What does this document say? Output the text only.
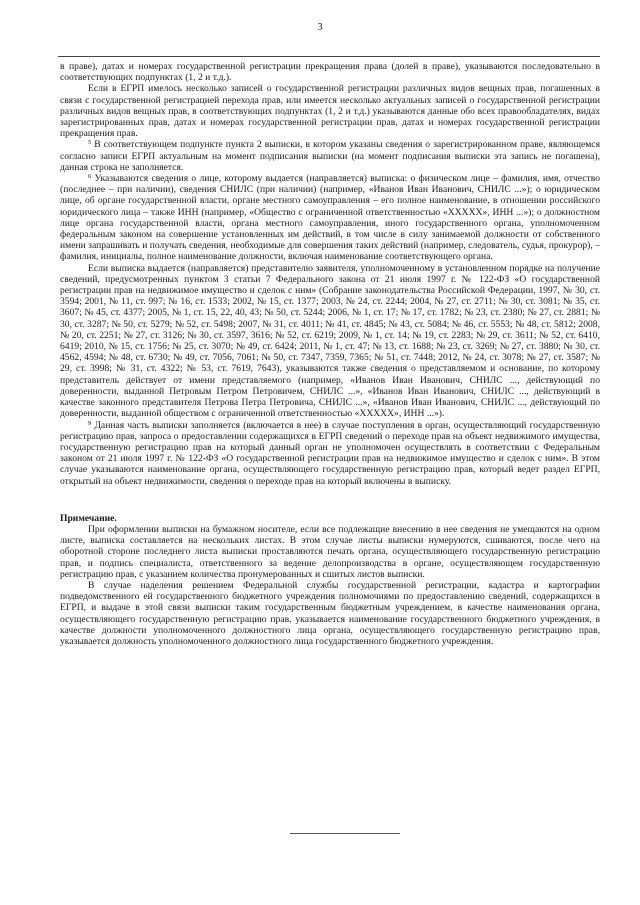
3

в праве), датах и номерах государственной регистрации прекращения права (долей в праве), указываются последовательно в соответствующих подпунктах (1, 2 и т.д.).

Если в ЕГРП имелось несколько записей о государственной регистрации различных видов вещных прав, погашенных в связи с государственной регистрацией перехода прав, или имеется несколько актуальных записей о государственной регистрации различных видов вещных прав, в соответствующих подпунктах (1, 2 и т.д.) указываются данные обо всех правообладателях, видах зарегистрированных прав, датах и номерах государственной регистрации прав, датах и номерах государственной регистрации прекращения прав.

$^5$ В соответствующем подпункте пункта 2 выписки, в котором указаны сведения о зарегистрированном праве, являющемся согласно записи ЕГРП актуальным на момент подписания выписки (на момент подписания выписки эта запись не погашена), данная строка не заполняется.

$^6$ Указываются сведения о лице, которому выдается (направляется) выписка: о физическом лице – фамилия, имя, отчество (последнее – при наличии), сведения СНИЛС (при наличии) (например, «Иванов Иван Иванович, СНИЛС ...»); о юридическом лице, об органе государственной власти, органе местного самоуправления – его полное наименование, в отношении российского юридического лица – также ИНН (например, «Общество с ограниченной ответственностью «ХХХХХ», ИНН ...»); о должностном лице органа государственной власти, органа местного самоуправления, иного государственного органа, уполномоченном федеральным законом на совершение установленных им действий, в том числе в силу занимаемой должности от собственного имени запрашивать и получать сведения, необходимые для совершения таких действий (например, следователь, судья, прокурор), – фамилия, инициалы, полное наименование должности, включая наименование соответствующего органа.

Если выписка выдается (направляется) представителю заявителя, уполномоченному в установленном порядке на получение сведений, предусмотренных пунктом 3 статьи 7 Федерального закона от 21 июля 1997 г. № 122-ФЗ «О государственной регистрации прав на недвижимое имущество и сделок с ним» (Собрание законодательства Российской Федерации, 1997, № 30, ст. 3594; 2001, № 11, ст. 997; № 16, ст. 1533; 2002, № 15, ст. 1377; 2003, № 24, ст. 2244; 2004, № 27, ст. 2711; № 30, ст. 3081; № 35, ст. 3607; № 45, ст. 4377; 2005, № 1, ст. 15, 22, 40, 43; № 50, ст. 5244; 2006, № 1, ст. 17; № 17, ст. 1782; № 23, ст. 2380; № 27, ст. 2881; № 30, ст. 3287; № 50, ст. 5279; № 52, ст. 5498; 2007, № 31, ст. 4011; № 41, ст. 4845; № 43, ст. 5084; № 46, ст. 5553; № 48, ст. 5812; 2008, № 20, ст. 2251; № 27, ст. 3126; № 30, ст. 3597, 3616; № 52, ст. 6219; 2009, № 1, ст. 14; № 19, ст. 2283; № 29, ст. 3611; № 52, ст. 6410, 6419; 2010, № 15, ст. 1756; № 25, ст. 3070; № 49, ст. 6424; 2011, № 1, ст. 47; № 13, ст. 1688; № 23, ст. 3269; № 27, ст. 3880; № 30, ст. 4562, 4594; № 48, ст. 6730; № 49, ст. 7056, 7061; № 50, ст. 7347, 7359, 7365; № 51, ст. 7448; 2012, № 24, ст. 3078; № 27, ст. 3587; № 29, ст. 3998; № 31, ст. 4322; № 53, ст. 7619, 7643), указываются также сведения о представляемом и основание, по которому представитель действует от имени представляемого (например, «Иванов Иван Иванович, СНИЛС ..., действующий по доверенности, выданной Петровым Петром Петровичем, СНИЛС ...», «Иванов Иван Иванович, СНИЛС ..., действующий в качестве законного представителя Петрова Петра Петровича, СНИЛС ...», «Иванов Иван Иванович, СНИЛС ..., действующий по доверенности, выданной обществом с ограниченной ответственностью «ХХХХХ», ИНН ...»).

$^9$ Данная часть выписки заполняется (включается в нее) в случае поступления в орган, осуществляющий государственную регистрацию прав, запроса о предоставлении содержащихся в ЕГРП сведений о переходе прав на объект недвижимого имущества, государственную регистрацию прав на который данный орган не уполномочен осуществлять в соответствии с Федеральным законом от 21 июля 1997 г. № 122-ФЗ «О государственной регистрации прав на недвижимое имущество и сделок с ним». В этом случае указываются наименование органа, осуществляющего государственную регистрацию прав, который ведет раздел ЕГРП, открытый на объект недвижимости, сведения о переходе прав на который включены в выписку.

Примечание.

При оформлении выписки на бумажном носителе, если все подлежащие внесению в нее сведения не умещаются на одном листе, выписка составляется на нескольких листах. В этом случае листы выписки нумеруются, сшиваются, после чего на оборотной стороне последнего листа выписки проставляются печать органа, осуществляющего государственную регистрацию прав, и подпись специалиста, ответственного за ведение делопроизводства в органе, осуществляющем государственную регистрацию прав, с указанием количества пронумерованных и сшитых листов выписки.

В случае наделения решением Федеральной службы государственной регистрации, кадастра и картографии подведомственного ей государственного бюджетного учреждения полномочиями по предоставлению сведений, содержащихся в ЕГРП, и выдаче в этой связи выписки таким государственным бюджетным учреждением, в качестве наименования органа, осуществляющего государственную регистрацию прав, указывается наименование государственного бюджетного учреждения, в качестве должности уполномоченного должностного лица органа, осуществляющего государственную регистрацию прав, указывается должность уполномоченного должностного лица государственного бюджетного учреждения.
